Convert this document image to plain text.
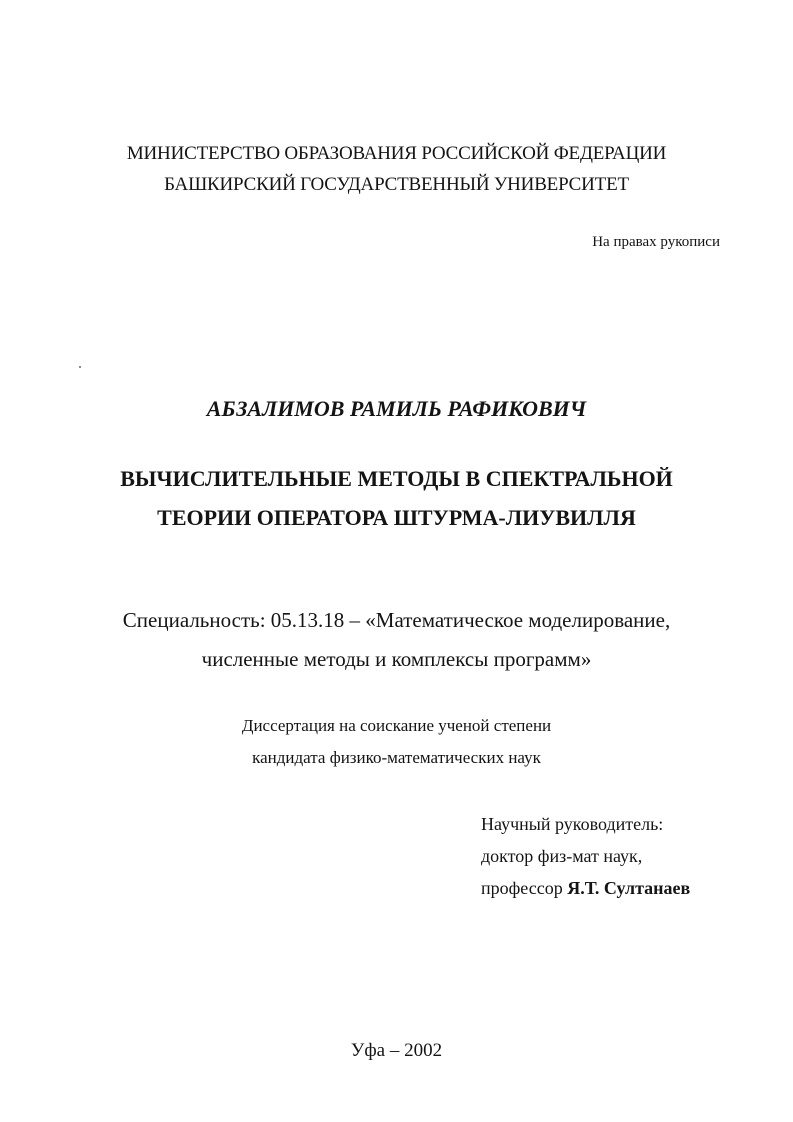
МИНИСТЕРСТВО ОБРАЗОВАНИЯ РОССИЙСКОЙ ФЕДЕРАЦИИ
БАШКИРСКИЙ ГОСУДАРСТВЕННЫЙ УНИВЕРСИТЕТ
На правах рукописи
АБЗАЛИМОВ РАМИЛЬ РАФИКОВИЧ
ВЫЧИСЛИТЕЛЬНЫЕ МЕТОДЫ В СПЕКТРАЛЬНОЙ
ТЕОРИИ ОПЕРАТОРА ШТУРМА-ЛИУВИЛЛЯ
Специальность: 05.13.18 – «Математическое моделирование,
численные методы и комплексы программ»
Диссертация на соискание ученой степени
кандидата физико-математических наук
Научный руководитель:
доктор физ-мат наук,
профессор Я.Т. Султанаев
Уфа – 2002
